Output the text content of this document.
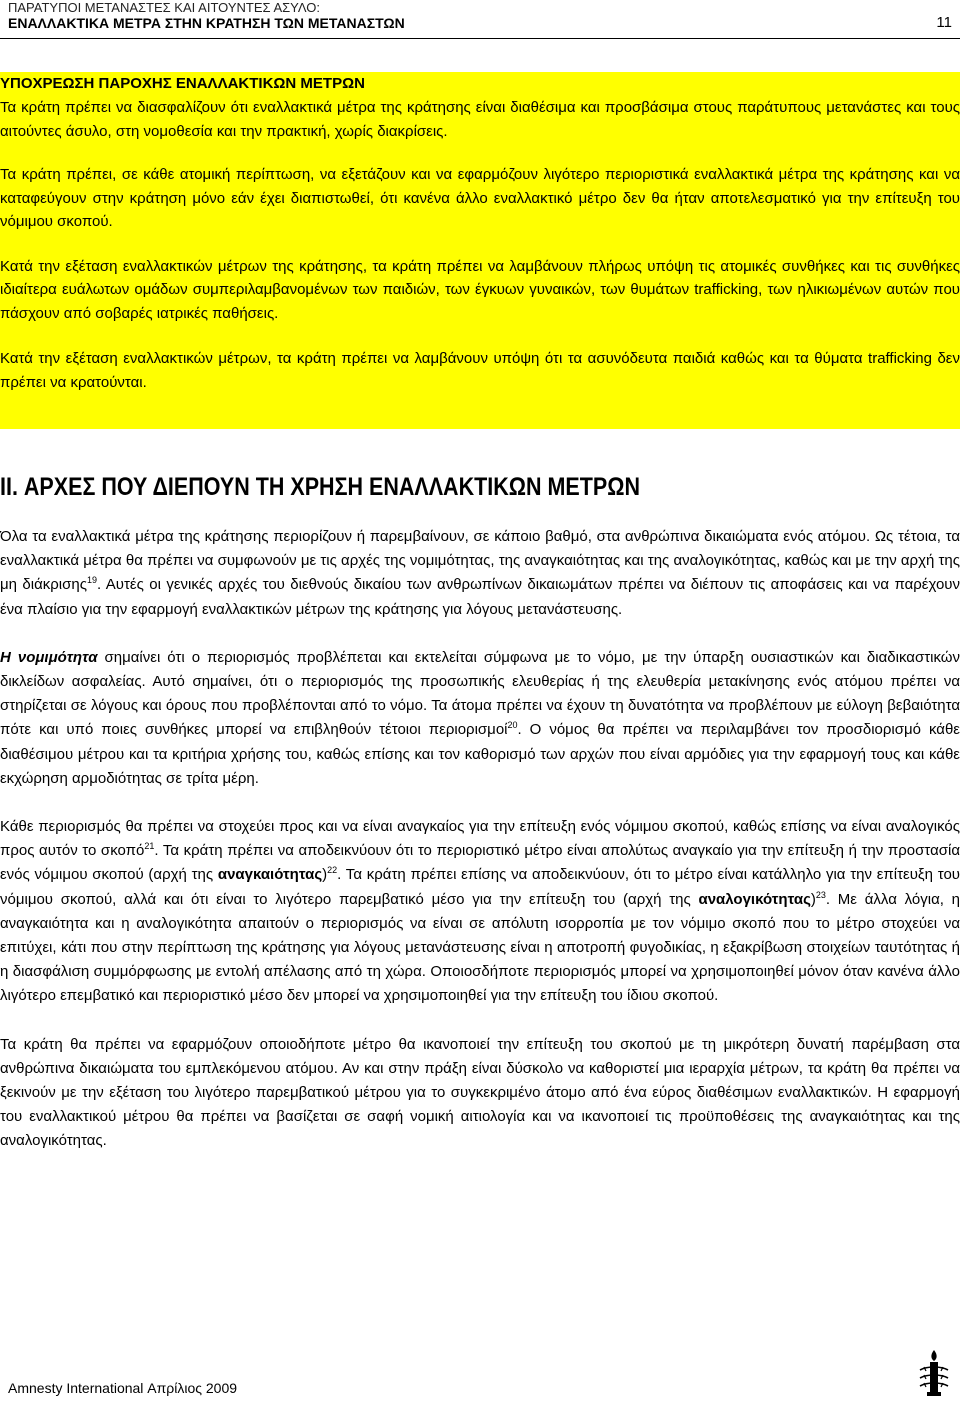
ΠΑΡΑΤΥΠΟΙ ΜΕΤΑΝΑΣΤΕΣ ΚΑΙ ΑΙΤΟΥΝΤΕΣ ΑΣΥΛΟ:
ΕΝΑΛΛΑΚΤΙΚΑ ΜΕΤΡΑ ΣΤΗΝ ΚΡΑΤΗΣΗ ΤΩΝ ΜΕΤΑΝΑΣΤΩΝ	11

ΥΠΟΧΡΕΩΣΗ ΠΑΡΟΧΗΣ ΕΝΑΛΛΑΚΤΙΚΩΝ ΜΕΤΡΩΝ

Τα κράτη πρέπει να διασφαλίζουν ότι εναλλακτικά μέτρα της κράτησης είναι διαθέσιμα και προσβάσιμα στους παράτυπους μετανάστες και τους αιτούντες άσυλο, στη νομοθεσία και την πρακτική, χωρίς διακρίσεις.

Τα κράτη πρέπει, σε κάθε ατομική περίπτωση, να εξετάζουν και να εφαρμόζουν λιγότερο περιοριστικά εναλλακτικά μέτρα της κράτησης και να καταφεύγουν στην κράτηση μόνο εάν έχει διαπιστωθεί, ότι κανένα άλλο εναλλακτικό μέτρο δεν θα ήταν αποτελεσματικό για την επίτευξη του νόμιμου σκοπού.

Κατά την εξέταση εναλλακτικών μέτρων της κράτησης, τα κράτη πρέπει να λαμβάνουν πλήρως υπόψη τις ατομικές συνθήκες και τις συνθήκες ιδιαίτερα ευάλωτων ομάδων συμπεριλαμβανομένων των παιδιών, των έγκυων γυναικών, των θυμάτων trafficking, των ηλικιωμένων αυτών που πάσχουν από σοβαρές ιατρικές παθήσεις.

Κατά την εξέταση εναλλακτικών μέτρων, τα κράτη πρέπει να λαμβάνουν υπόψη ότι τα ασυνόδευτα παιδιά καθώς και τα θύματα trafficking δεν πρέπει να κρατούνται.

II. ΑΡΧΕΣ ΠΟΥ ΔΙΕΠΟΥΝ ΤΗ ΧΡΗΣΗ ΕΝΑΛΛΑΚΤΙΚΩΝ ΜΕΤΡΩΝ

Όλα τα εναλλακτικά μέτρα της κράτησης περιορίζουν ή παρεμβαίνουν, σε κάποιο βαθμό, στα ανθρώπινα δικαιώματα ενός ατόμου. Ως τέτοια, τα εναλλακτικά μέτρα θα πρέπει να συμφωνούν με τις αρχές της νομιμότητας, της αναγκαιότητας και της αναλογικότητας, καθώς και με την αρχή της μη διάκρισης$^{19}$. Αυτές οι γενικές αρχές του διεθνούς δικαίου των ανθρωπίνων δικαιωμάτων πρέπει να διέπουν τις αποφάσεις και να παρέχουν ένα πλαίσιο για την εφαρμογή εναλλακτικών μέτρων της κράτησης για λόγους μετανάστευσης.

Η νομιμότητα σημαίνει ότι ο περιορισμός προβλέπεται και εκτελείται σύμφωνα με το νόμο, με την ύπαρξη ουσιαστικών και διαδικαστικών δικλείδων ασφαλείας. Αυτό σημαίνει, ότι ο περιορισμός της προσωπικής ελευθερίας ή της ελευθερία μετακίνησης ενός ατόμου πρέπει να στηρίζεται σε λόγους και όρους που προβλέπονται από το νόμο. Τα άτομα πρέπει να έχουν τη δυνατότητα να προβλέπουν με εύλογη βεβαιότητα πότε και υπό ποιες συνθήκες μπορεί να επιβληθούν τέτοιοι περιορισμοί$^{20}$. Ο νόμος θα πρέπει να περιλαμβάνει τον προσδιορισμό κάθε διαθέσιμου μέτρου και τα κριτήρια χρήσης του, καθώς επίσης και τον καθορισμό των αρχών που είναι αρμόδιες για την εφαρμογή τους και κάθε εκχώρηση αρμοδιότητας σε τρίτα μέρη.

Κάθε περιορισμός θα πρέπει να στοχεύει προς και να είναι αναγκαίος για την επίτευξη ενός νόμιμου σκοπού, καθώς επίσης να είναι αναλογικός προς αυτόν το σκοπό$^{21}$. Τα κράτη πρέπει να αποδεικνύουν ότι το περιοριστικό μέτρο είναι απολύτως αναγκαίο για την επίτευξη ή την προστασία ενός νόμιμου σκοπού (αρχή της αναγκαιότητας)$^{22}$. Τα κράτη πρέπει επίσης να αποδεικνύουν, ότι το μέτρο είναι κατάλληλο για την επίτευξη του νόμιμου σκοπού, αλλά και ότι είναι το λιγότερο παρεμβατικό μέσο για την επίτευξη του (αρχή της αναλογικότητας)$^{23}$. Με άλλα λόγια, η αναγκαιότητα και η αναλογικότητα απαιτούν ο περιορισμός να είναι σε απόλυτη ισορροπία με τον νόμιμο σκοπό που το μέτρο στοχεύει να επιτύχει, κάτι που στην περίπτωση της κράτησης για λόγους μετανάστευσης είναι η αποτροπή φυγοδικίας, η εξακρίβωση στοιχείων ταυτότητας ή η διασφάλιση συμμόρφωσης με εντολή απέλασης από τη χώρα. Οποιοσδήποτε περιορισμός μπορεί να χρησιμοποιηθεί μόνον όταν κανένα άλλο λιγότερο επεμβατικό και περιοριστικό μέσο δεν μπορεί να χρησιμοποιηθεί για την επίτευξη του ίδιου σκοπού.

Τα κράτη θα πρέπει να εφαρμόζουν οποιοδήποτε μέτρο θα ικανοποιεί την επίτευξη του σκοπού με τη μικρότερη δυνατή παρέμβαση στα ανθρώπινα δικαιώματα του εμπλεκόμενου ατόμου. Αν και στην πράξη είναι δύσκολο να καθοριστεί μια ιεραρχία μέτρων, τα κράτη θα πρέπει να ξεκινούν με την εξέταση του λιγότερο παρεμβατικού μέτρου για το συγκεκριμένο άτομο από ένα εύρος διαθέσιμων εναλλακτικών. Η εφαρμογή του εναλλακτικού μέτρου θα πρέπει να βασίζεται σε σαφή νομική αιτιολογία και να ικανοποιεί τις προϋποθέσεις της αναγκαιότητας και της αναλογικότητας.

Amnesty International Απρίλιος 2009
